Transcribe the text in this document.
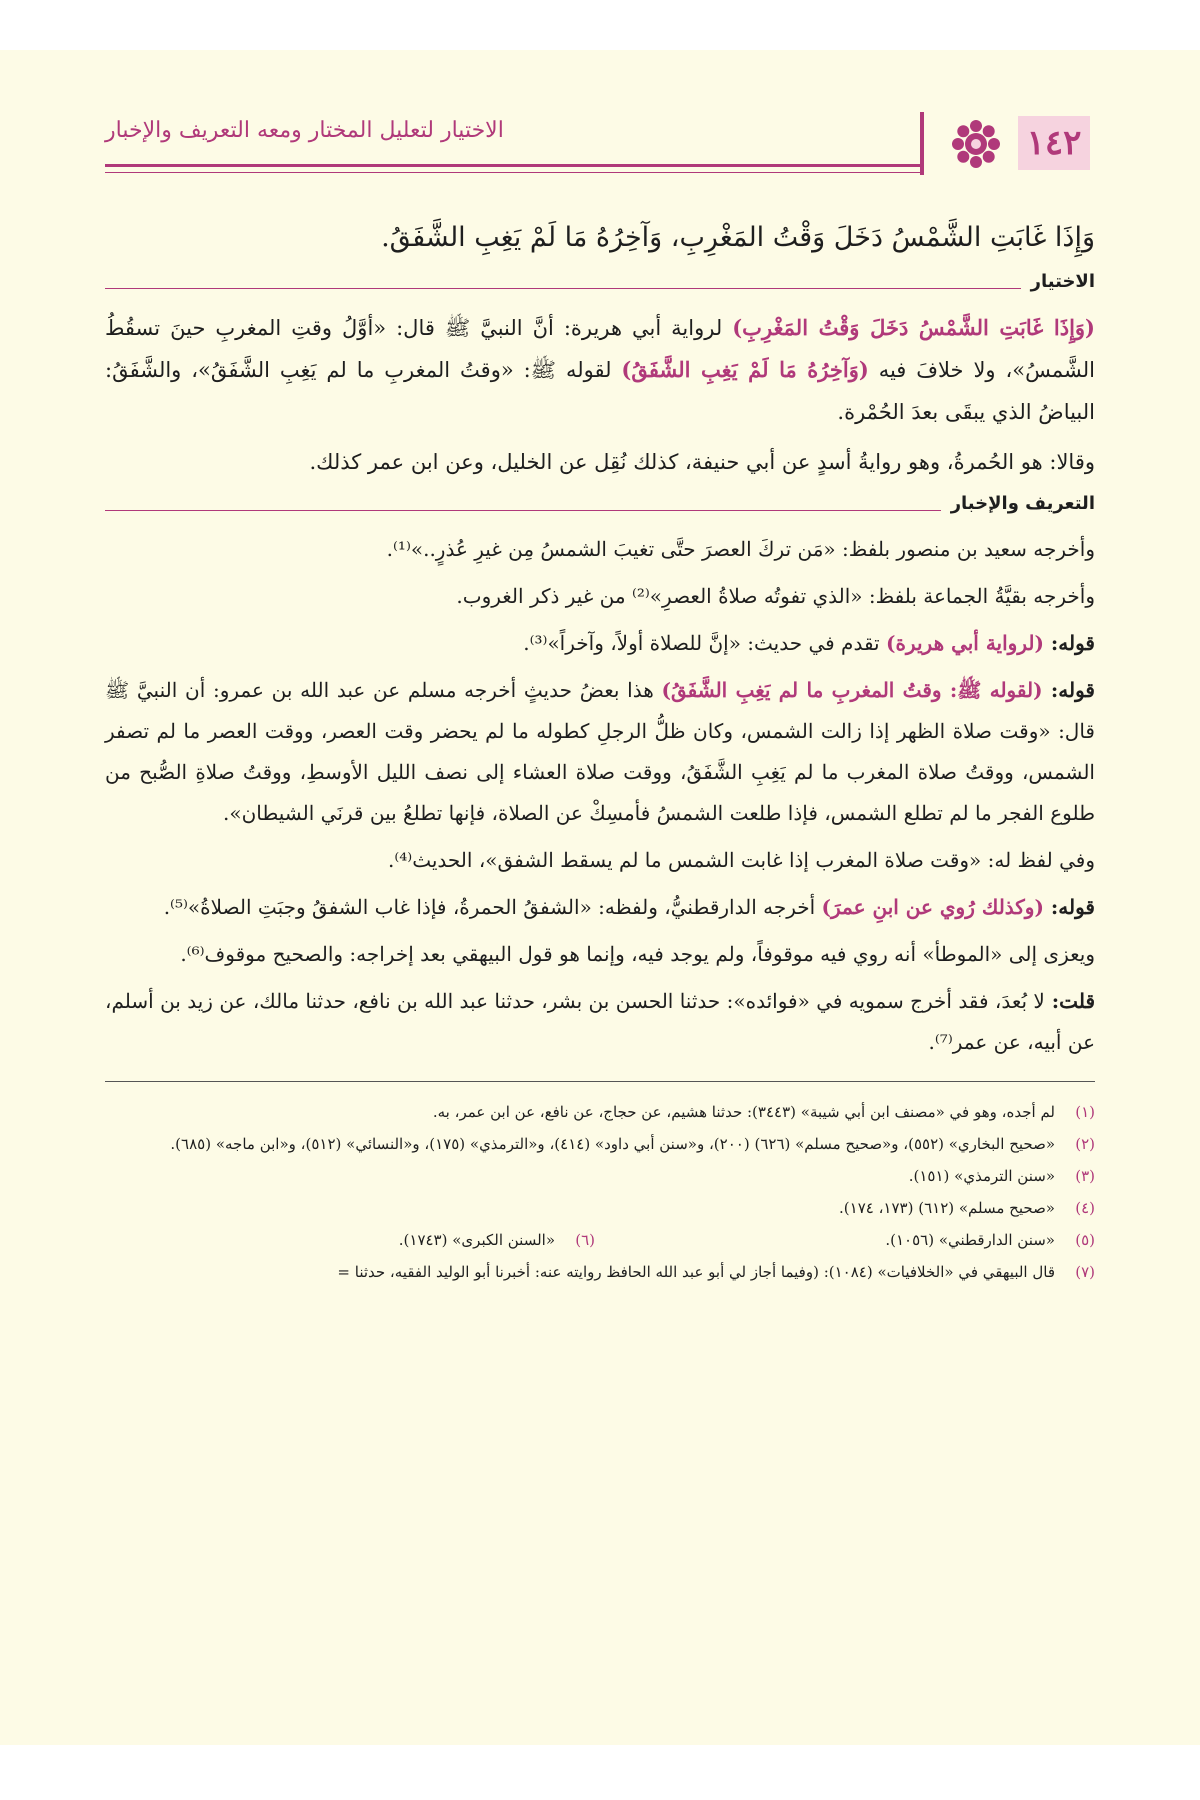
الاختيار لتعليل المختار ومعه التعريف والإخبار	١٤٢

وَإِذَا غَابَتِ الشَّمْسُ دَخَلَ وَقْتُ المَغْرِبِ، وَآخِرُهُ مَا لَمْ يَغِبِ الشَّفَقُ.

الاختيار

(وَإِذَا غَابَتِ الشَّمْسُ دَخَلَ وَقْتُ المَغْرِبِ) لرواية أبي هريرة: أنَّ النبيَّ ﷺ قال: «أوَّلُ وقتِ المغربِ حينَ تسقُطُ الشَّمسُ»، ولا خلافَ فيه (وَآخِرُهُ مَا لَمْ يَغِبِ الشَّفَقُ) لقوله ﷺ: «وقتُ المغربِ ما لم يَغِبِ الشَّفَقُ»، والشَّفَقُ: البياضُ الذي يبقَى بعدَ الحُمْرة.

وقالا: هو الحُمرةُ، وهو روايةُ أسدٍ عن أبي حنيفة، كذلك نُقِل عن الخليل، وعن ابن عمر كذلك.

التعريف والإخبار

وأخرجه سعيد بن منصور بلفظ: «مَن تركَ العصرَ حتَّى تغيبَ الشمسُ مِن غيرِ عُذرٍ..»⁽¹⁾.

وأخرجه بقيَّةُ الجماعة بلفظ: «الذي تفوتُه صلاةُ العصرِ»⁽²⁾ من غير ذكر الغروب.

قوله: (لرواية أبي هريرة) تقدم في حديث: «إنَّ للصلاة أولاً، وآخراً»⁽³⁾.

قوله: (لقوله ﷺ: وقتُ المغربِ ما لم يَغِبِ الشَّفَقُ) هذا بعضُ حديثٍ أخرجه مسلم عن عبد الله بن عمرو: أن النبيَّ ﷺ قال: «وقت صلاة الظهر إذا زالت الشمس، وكان ظلُّ الرجلِ كطوله ما لم يحضر وقت العصر، ووقت العصر ما لم تصفر الشمس، ووقتُ صلاة المغرب ما لم يَغِبِ الشَّفَقُ، ووقت صلاة العشاء إلى نصف الليل الأوسطِ، ووقتُ صلاةِ الصُّبح من طلوع الفجر ما لم تطلع الشمس، فإذا طلعت الشمسُ فأمسِكْ عن الصلاة، فإنها تطلعُ بين قرنَي الشيطان».

وفي لفظ له: «وقت صلاة المغرب إذا غابت الشمس ما لم يسقط الشفق»، الحديث⁽⁴⁾.

قوله: (وكذلك رُوي عن ابنِ عمرَ) أخرجه الدارقطنيُّ، ولفظه: «الشفقُ الحمرةُ، فإذا غاب الشفقُ وجبَتِ الصلاةُ»⁽⁵⁾.

ويعزى إلى «الموطأ» أنه روي فيه موقوفاً، ولم يوجد فيه، وإنما هو قول البيهقي بعد إخراجه: والصحيح موقوف⁽⁶⁾.

قلت: لا بُعدَ، فقد أخرج سمويه في «فوائده»: حدثنا الحسن بن بشر، حدثنا عبد الله بن نافع، حدثنا مالك، عن زيد بن أسلم، عن أبيه، عن عمر⁽⁷⁾.

(١)
لم أجده، وهو في «مصنف ابن أبي شيبة» (٣٤٤٣): حدثنا هشيم، عن حجاج، عن نافع، عن ابن عمر، به.
(٢)
«صحيح البخاري» (٥٥٢)، و«صحيح مسلم» (٦٢٦) (٢٠٠)، و«سنن أبي داود» (٤١٤)، و«الترمذي» (١٧٥)، و«النسائي» (٥١٢)، و«ابن ماجه» (٦٨٥).
(٣)
«سنن الترمذي» (١٥١).
(٤)
«صحيح مسلم» (٦١٢) (١٧٣، ١٧٤).
(٥)
«سنن الدارقطني» (١٠٥٦).
(٦)
«السنن الكبرى» (١٧٤٣).
(٧)
قال البيهقي في «الخلافيات» (١٠٨٤): (وفيما أجاز لي أبو عبد الله الحافظ روايته عنه: أخبرنا أبو الوليد الفقيه، حدثنا =
